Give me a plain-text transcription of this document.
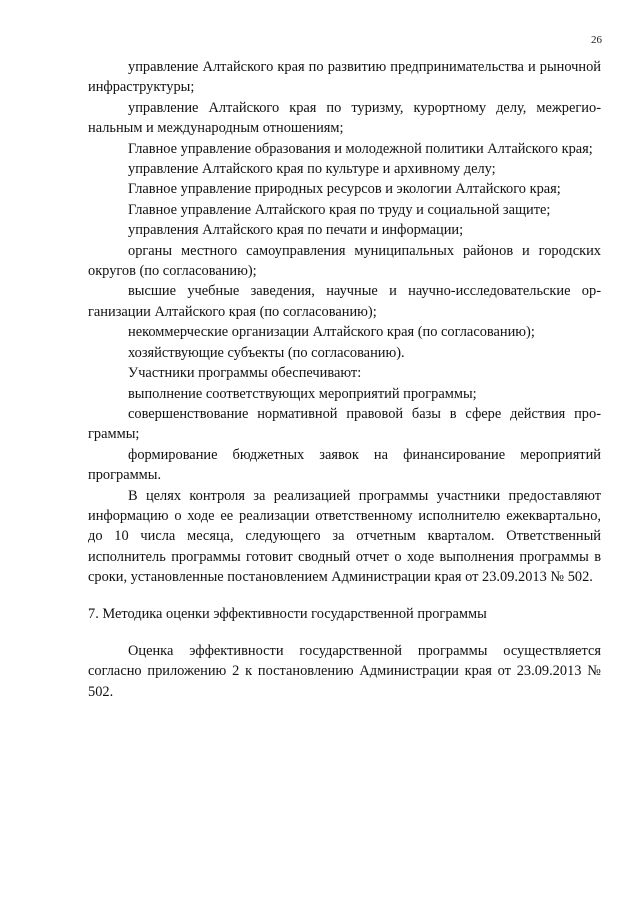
26

управление Алтайского края по развитию предпринимательства и рыночной инфраструктуры;

управление Алтайского края по туризму, курортному делу, межрегиональным и международным отношениям;

Главное управление образования и молодежной политики Алтайского края;

управление Алтайского края по культуре и архивному делу;

Главное управление природных ресурсов и экологии Алтайского края;

Главное управление Алтайского края по труду и социальной защите;

управления Алтайского края по печати и информации;

органы местного самоуправления муниципальных районов и городских округов (по согласованию);

высшие учебные заведения, научные и научно-исследовательские организации Алтайского края (по согласованию);

некоммерческие организации Алтайского края (по согласованию);

хозяйствующие субъекты (по согласованию).

Участники программы обеспечивают:

выполнение соответствующих мероприятий программы;

совершенствование нормативной правовой базы в сфере действия программы;

формирование бюджетных заявок на финансирование мероприятий программы.

В целях контроля за реализацией программы участники предоставляют информацию о ходе ее реализации ответственному исполнителю ежеквартально, до 10 числа месяца, следующего за отчетным кварталом. Ответственный исполнитель программы готовит сводный отчет о ходе выполнения программы в сроки, установленные постановлением Администрации края от 23.09.2013 № 502.

7. Методика оценки эффективности государственной программы

Оценка эффективности государственной программы осуществляется согласно приложению 2 к постановлению Администрации края от 23.09.2013 № 502.
